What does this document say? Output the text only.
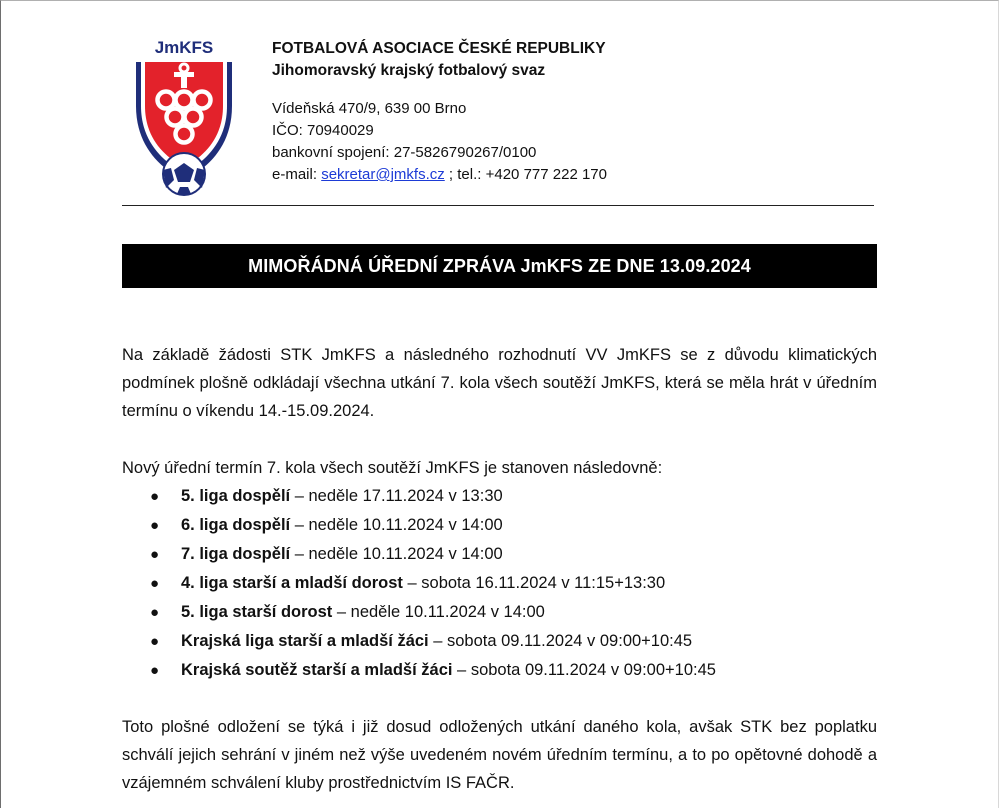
JmKFS	FOTBALOVÁ ASOCIACE ČESKÉ REPUBLIKY
Jihomoravský krajský fotbalový svaz
Vídeňská 470/9, 639 00 Brno
IČO: 70940029
bankovní spojení: 27-5826790267/0100
e-mail: sekretar@jmkfs.cz ; tel.: +420 777 222 170
MIMOŘÁDNÁ ÚŘEDNÍ ZPRÁVA JmKFS ZE DNE 13.09.2024
Na základě žádosti STK JmKFS a následného rozhodnutí VV JmKFS se z důvodu klimatických podmínek plošně odkládají všechna utkání 7. kola všech soutěží JmKFS, která se měla hrát v úředním termínu o víkendu 14.-15.09.2024.
Nový úřední termín 7. kola všech soutěží JmKFS je stanoven následovně:
● 5. liga dospělí – neděle 17.11.2024 v 13:30
● 6. liga dospělí – neděle 10.11.2024 v 14:00
● 7. liga dospělí – neděle 10.11.2024 v 14:00
● 4. liga starší a mladší dorost – sobota 16.11.2024 v 11:15+13:30
● 5. liga starší dorost – neděle 10.11.2024 v 14:00
● Krajská liga starší a mladší žáci – sobota 09.11.2024 v 09:00+10:45
● Krajská soutěž starší a mladší žáci – sobota 09.11.2024 v 09:00+10:45
Toto plošné odložení se týká i již dosud odložených utkání daného kola, avšak STK bez poplatku schválí jejich sehrání v jiném než výše uvedeném novém úředním termínu, a to po opětovné dohodě a vzájemném schválení kluby prostřednictvím IS FAČR.
